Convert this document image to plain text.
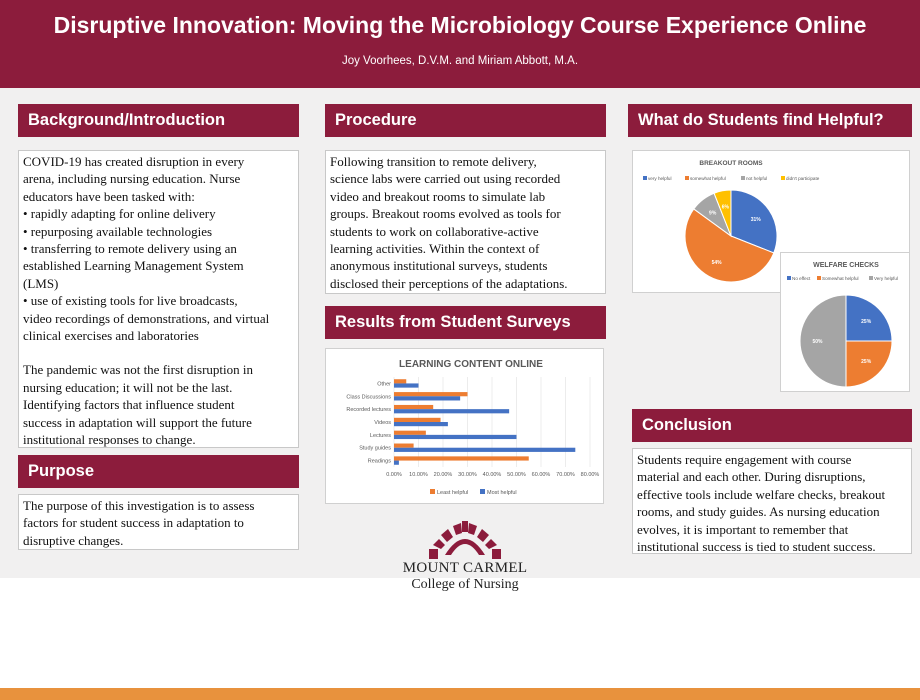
Disruptive Innovation: Moving the Microbiology Course Experience Online
Joy Voorhees, D.V.M. and Miriam Abbott, M.A.
Background/Introduction

COVID-19 has created disruption in every

arena, including nursing education. Nurse

educators have been tasked with:

• rapidly adapting for online delivery

• repurposing available technologies

• transferring to remote delivery using an

established Learning Management System

(LMS)

• use of existing tools for live broadcasts,

video recordings of demonstrations, and virtual

clinical exercises and laboratories

The pandemic was not the first disruption in

nursing education; it will not be the last.

Identifying factors that influence student

success in adaptation will support the future

institutional responses to change.

Purpose

The purpose of this investigation is to assess

factors for student success in adaptation to

disruptive changes.

Procedure

Following transition to remote delivery,

science labs were carried out using recorded

video and breakout rooms to simulate lab

groups. Breakout rooms evolved as tools for

students to work on collaborative-active

learning activities. Within the context of

anonymous institutional surveys, students

disclosed their perceptions of the adaptations.

Results from Student Surveys
LEARNING CONTENT ONLINE
Other
Class Discussions
Recorded lectures
Videos
Lectures
Study guides
Readings
0.00% 10.00% 20.00% 30.00% 40.00% 50.00% 60.00% 70.00% 80.00%
Least helpful	Most helpful
What do Students find Helpful?
BREAKOUT ROOMS
very helpful	somewhat helpful	not helpful	didn't participate
31%
54%
9%
6%
WELFARE CHECKS
No effect	Somewhat helpful	Very helpful
25%
25%
50%
Conclusion

Students require engagement with course

material and each other. During disruptions,

effective tools include welfare checks, breakout

rooms, and study guides. As nursing education

evolves, it is important to remember that

institutional success is tied to student success.

MOUNT CARMEL
College of Nursing
